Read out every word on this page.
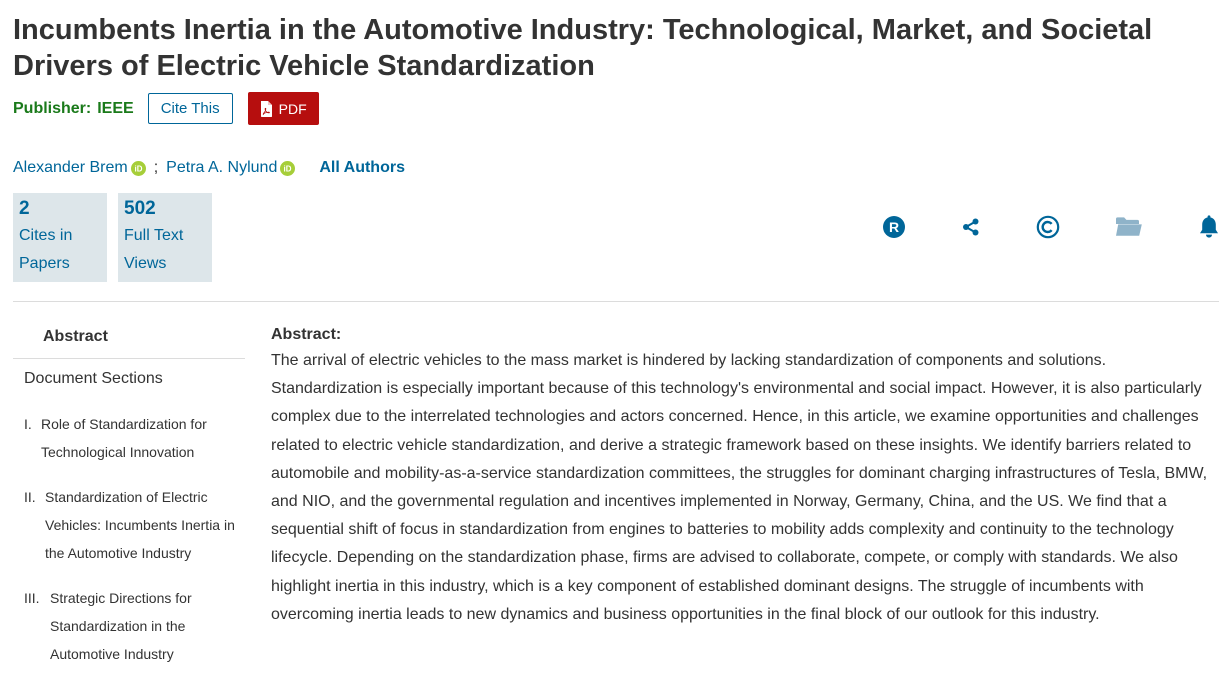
Incumbents Inertia in the Automotive Industry: Technological, Market, and Societal Drivers of Electric Vehicle Standardization
Publisher: IEEE	Cite This	PDF
Alexander Brem iD ; Petra A. Nylund iD All Authors
2
Cites in Papers
502
Full Text Views
R
Abstract
Document Sections
I. Role of Standardization for Technological Innovation
II. Standardization of Electric Vehicles: Incumbents Inertia in the Automotive Industry
III. Strategic Directions for Standardization in the Automotive Industry
Abstract:

The arrival of electric vehicles to the mass market is hindered by lacking standardization of components and solutions. Standardization is especially important because of this technology's environmental and social impact. However, it is also particularly complex due to the interrelated technologies and actors concerned. Hence, in this article, we examine opportunities and challenges related to electric vehicle standardization, and derive a strategic framework based on these insights. We identify barriers related to automobile and mobility-as-a-service standardization committees, the struggles for dominant charging infrastructures of Tesla, BMW, and NIO, and the governmental regulation and incentives implemented in Norway, Germany, China, and the US. We find that a sequential shift of focus in standardization from engines to batteries to mobility adds complexity and continuity to the technology lifecycle. Depending on the standardization phase, firms are advised to collaborate, compete, or comply with standards. We also highlight inertia in this industry, which is a key component of established dominant designs. The struggle of incumbents with overcoming inertia leads to new dynamics and business opportunities in the final block of our outlook for this industry.
